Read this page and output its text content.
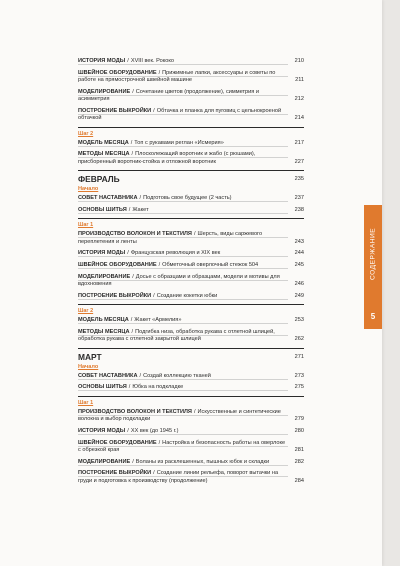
ИСТОРИЯ МОДЫ / XVIII век. Рококо	210
ШВЕЙНОЕ ОБОРУДОВАНИЕ / Прижимные лапки, аксессуары и советы по работе на прямострочной швейной машине	211
МОДЕЛИРОВАНИЕ / Сочетание цветов (продолжение), симметрия и асимметрия	212
ПОСТРОЕНИЕ ВЫКРОЙКИ / Обтачка и планка для пуговиц с цельнокроеной обтачкой	214
Шаг 2
МОДЕЛЬ МЕСЯЦА / Топ с рукавами реглан «Исмерия»	217
МЕТОДЫ МЕСЯЦА / Плосколежащий воротник и жабо (с рюшами), присборенный воротник-стойка и отложной воротник	227
ФЕВРАЛЬ	235
Начало
СОВЕТ НАСТАВНИКА / Подготовь свое будущее (2 часть)	237
ОСНОВЫ ШИТЬЯ / Жакет	238
Шаг 1
ПРОИЗВОДСТВО ВОЛОКОН И ТЕКСТИЛЯ / Шерсть, виды саржевого переплетения и ленты	243
ИСТОРИЯ МОДЫ / Французская революция и XIX век	244
ШВЕЙНОЕ ОБОРУДОВАНИЕ / Обметочный оверлочный стежок 504	245
МОДЕЛИРОВАНИЕ / Досье с образцами и образцами, модели и мотивы для вдохновения	246
ПОСТРОЕНИЕ ВЫКРОЙКИ / Создание кокетки юбки	249
Шаг 2
МОДЕЛЬ МЕСЯЦА / Жакет «Армелия»	253
МЕТОДЫ МЕСЯЦА / Подгибка низа, обработка рукава с отлетной шлицей, обработка рукава с отлетной закрытой шлицей	262
МАРТ	271
Начало
СОВЕТ НАСТАВНИКА / Создай коллекцию тканей	273
ОСНОВЫ ШИТЬЯ / Юбка на подкладке	275
Шаг 1
ПРОИЗВОДСТВО ВОЛОКОН И ТЕКСТИЛЯ / Искусственные и синтетические волокна и выбор подкладки	279
ИСТОРИЯ МОДЫ / XX век (до 1945 г.)	280
ШВЕЙНОЕ ОБОРУДОВАНИЕ / Настройка и безопасность работы на оверлоке с обрезкой края	281
МОДЕЛИРОВАНИЕ / Воланы из расклешенных, пышных юбок и складки	282
ПОСТРОЕНИЕ ВЫКРОЙКИ / Создание линии рельефа, поворот вытачки на груди и подготовка к производству (продолжение)	284
СОДЕРЖАНИЕ
5
